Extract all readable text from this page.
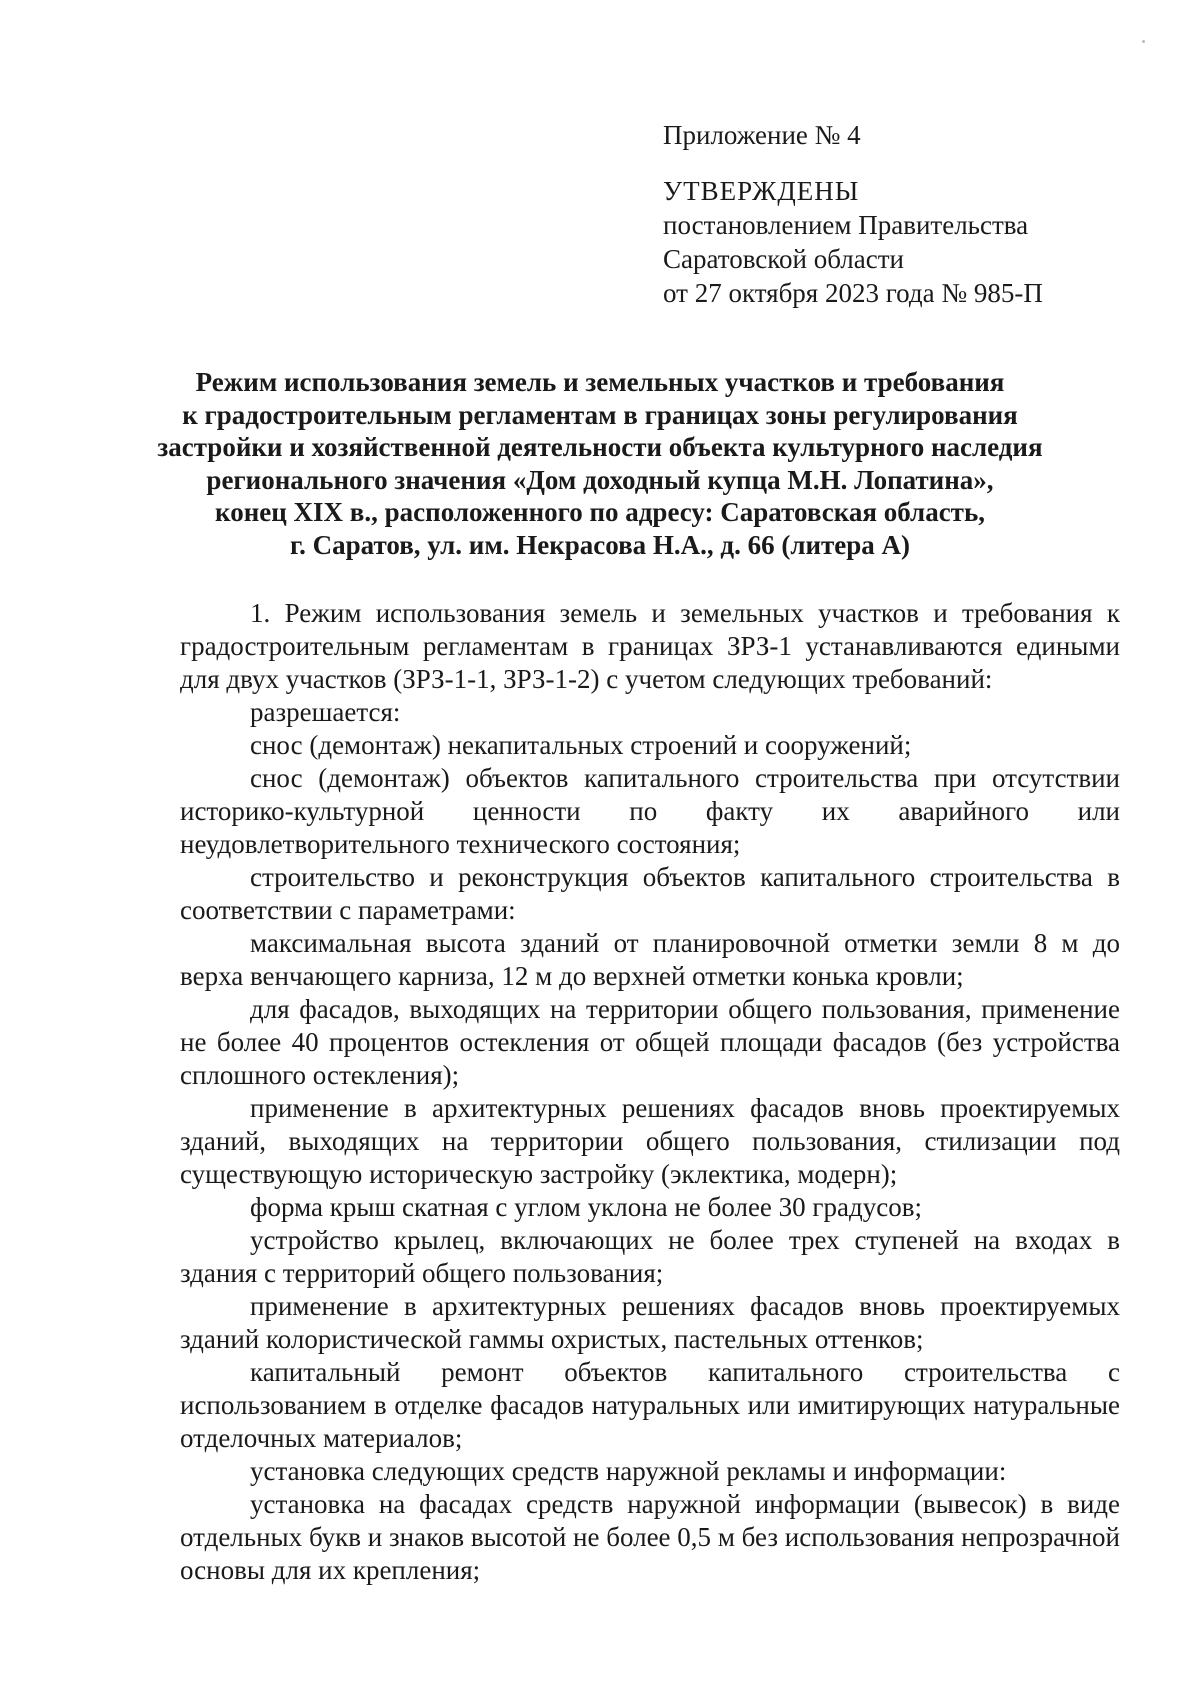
Приложение № 4
УТВЕРЖДЕНЫ
постановлением Правительства
Саратовской области
от 27 октября 2023 года № 985-П
Режим использования земель и земельных участков и требования
к градостроительным регламентам в границах зоны регулирования
застройки и хозяйственной деятельности объекта культурного наследия
регионального значения «Дом доходный купца М.Н. Лопатина»,
конец XIX в., расположенного по адресу: Саратовская область,
г. Саратов, ул. им. Некрасова Н.А., д. 66 (литера А)

1. Режим использования земель и земельных участков и требования к градостроительным регламентам в границах ЗРЗ-1 устанавливаются едиными для двух участков (ЗРЗ-1-1, ЗРЗ-1-2) с учетом следующих требований:

разрешается:

снос (демонтаж) некапитальных строений и сооружений;

снос (демонтаж) объектов капитального строительства при отсутствии историко-культурной ценности по факту их аварийного или неудовлетворительного технического состояния;

строительство и реконструкция объектов капитального строительства в соответствии с параметрами:

максимальная высота зданий от планировочной отметки земли 8 м до верха венчающего карниза, 12 м до верхней отметки конька кровли;

для фасадов, выходящих на территории общего пользования, применение не более 40 процентов остекления от общей площади фасадов (без устройства сплошного остекления);

применение в архитектурных решениях фасадов вновь проектируемых зданий, выходящих на территории общего пользования, стилизации под существующую историческую застройку (эклектика, модерн);

форма крыш скатная с углом уклона не более 30 градусов;

устройство крылец, включающих не более трех ступеней на входах в здания с территорий общего пользования;

применение в архитектурных решениях фасадов вновь проектируемых зданий колористической гаммы охристых, пастельных оттенков;

капитальный ремонт объектов капитального строительства с использованием в отделке фасадов натуральных или имитирующих натуральные отделочных материалов;

установка следующих средств наружной рекламы и информации:

установка на фасадах средств наружной информации (вывесок) в виде отдельных букв и знаков высотой не более 0,5 м без использования непрозрачной основы для их крепления;
